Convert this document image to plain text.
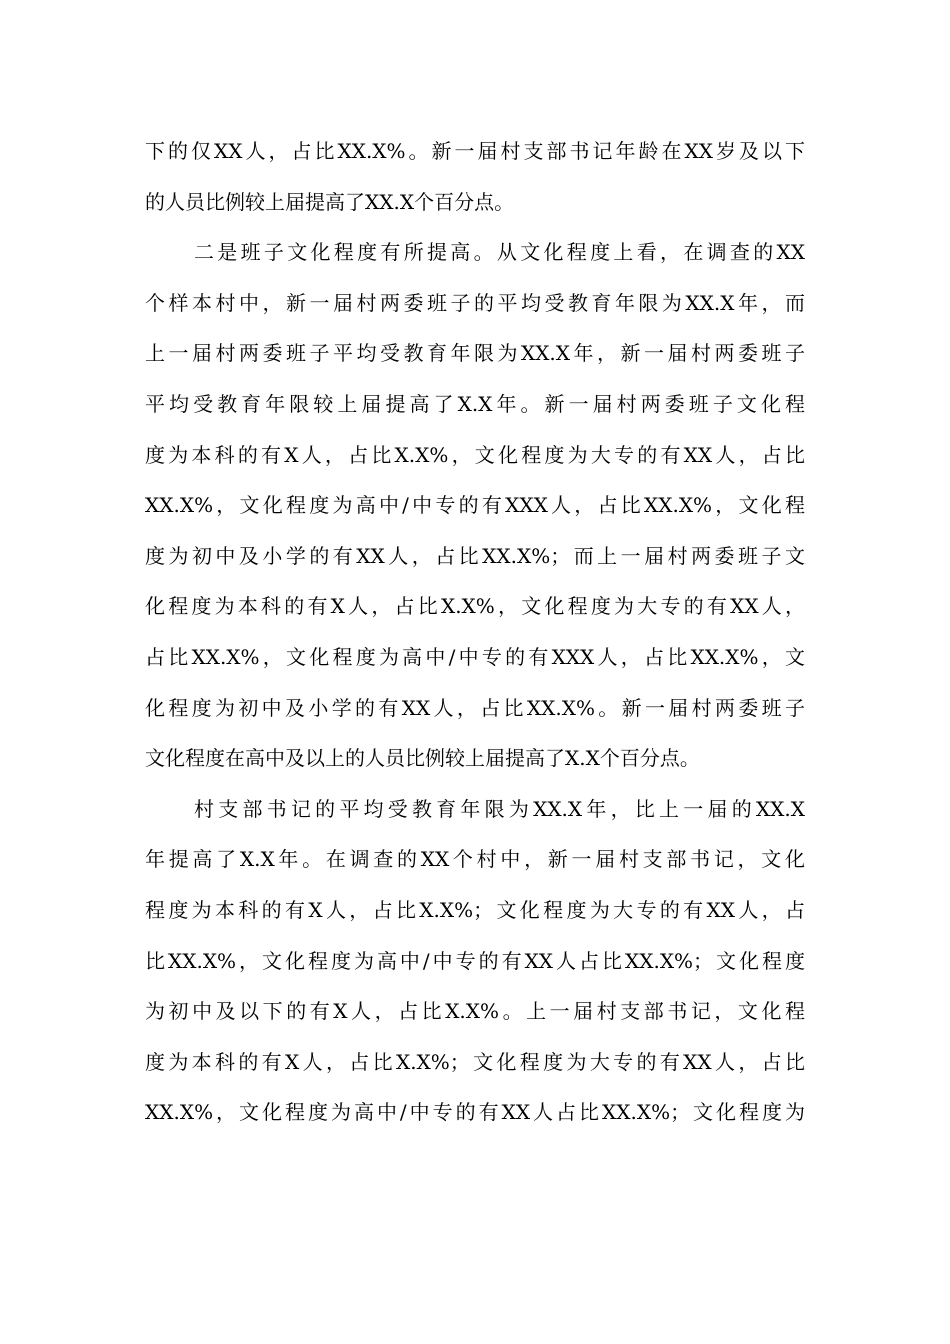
下的仅XX人，占比XX.X%。新一届村支部书记年龄在XX岁及以下
的人员比例较上届提高了XX.X个百分点。
二是班子文化程度有所提高。从文化程度上看，在调查的XX
个样本村中，新一届村两委班子的平均受教育年限为XX.X年，而
上一届村两委班子平均受教育年限为XX.X年，新一届村两委班子
平均受教育年限较上届提高了X.X年。新一届村两委班子文化程
度为本科的有X人，占比X.X%，文化程度为大专的有XX人，占比
XX.X%，文化程度为高中/中专的有XXX人，占比XX.X%，文化程
度为初中及小学的有XX人，占比XX.X%；而上一届村两委班子文
化程度为本科的有X人，占比X.X%，文化程度为大专的有XX人，
占比XX.X%，文化程度为高中/中专的有XXX人，占比XX.X%，文
化程度为初中及小学的有XX人，占比XX.X%。新一届村两委班子
文化程度在高中及以上的人员比例较上届提高了X.X个百分点。
村支部书记的平均受教育年限为XX.X年，比上一届的XX.X
年提高了X.X年。在调查的XX个村中，新一届村支部书记，文化
程度为本科的有X人，占比X.X%；文化程度为大专的有XX人，占
比XX.X%，文化程度为高中/中专的有XX人占比XX.X%；文化程度
为初中及以下的有X人，占比X.X%。上一届村支部书记，文化程
度为本科的有X人，占比X.X%；文化程度为大专的有XX人，占比
XX.X%，文化程度为高中/中专的有XX人占比XX.X%；文化程度为
